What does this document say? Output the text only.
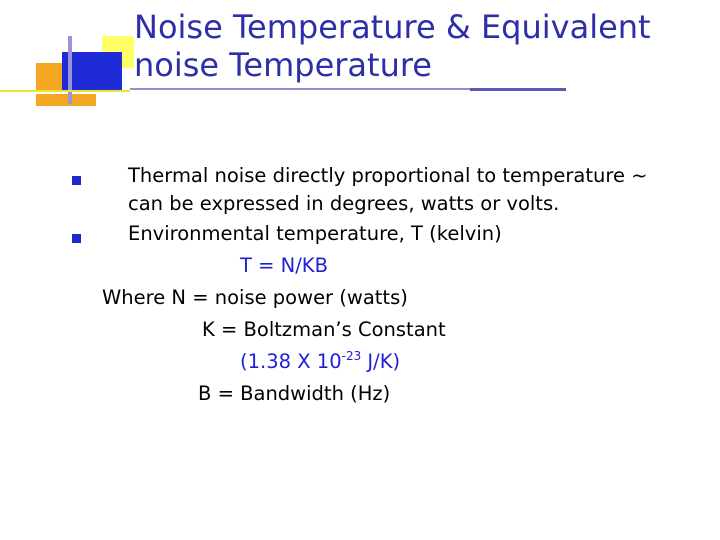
Noise Temperature & Equivalent
noise Temperature
Thermal noise directly proportional to temperature ~
can be expressed in degrees, watts or volts.
Environmental temperature, T (kelvin)
T = N/KB
Where N = noise power (watts)
K = Boltzman’s Constant
(1.38 X $10^{-23}$ J/K)
B = Bandwidth (Hz)
